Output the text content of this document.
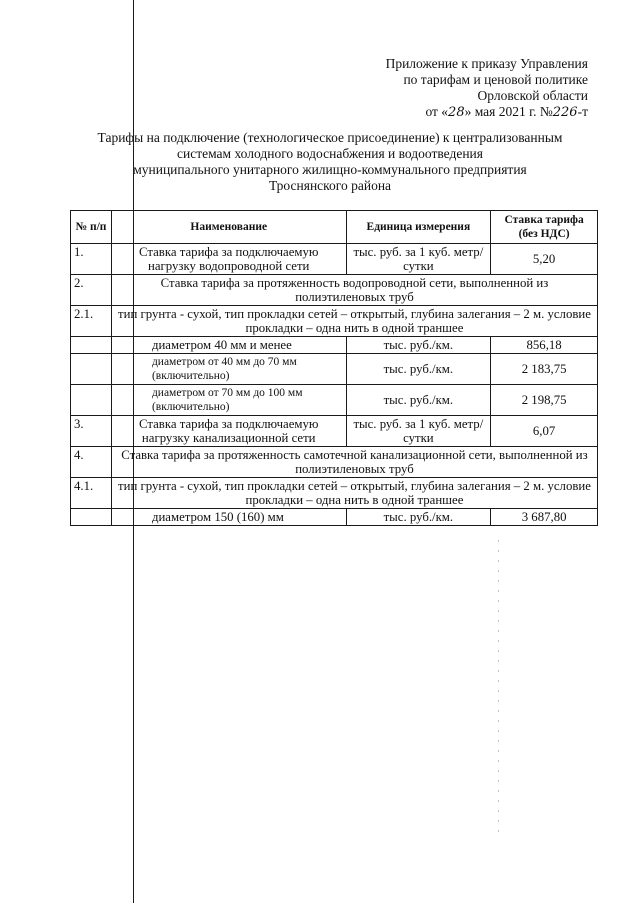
Приложение к приказу Управления
по тарифам и ценовой политике
Орловской области
от «28» мая 2021 г. №226-т
Тарифы на подключение (технологическое присоединение) к централизованным
системам холодного водоснабжения и водоотведения
муниципального унитарного жилищно-коммунального предприятия
Троснянского района
№ п/п	Наименование	Единица измерения	Ставка тарифа (без НДС)
1.	Ставка тарифа за подключаемую нагрузку водопроводной сети	тыс. руб. за 1 куб. метр/сутки	5,20
2.	Ставка тарифа за протяженность водопроводной сети, выполненной из полиэтиленовых труб		
2.1.	тип грунта - сухой, тип прокладки сетей – открытый, глубина залегания – 2 м. условие прокладки – одна нить в одной траншее		
	диаметром 40 мм и менее	тыс. руб./км.	856,18
	диаметром от 40 мм до 70 мм (включительно)	тыс. руб./км.	2 183,75
	диаметром от 70 мм до 100 мм (включительно)	тыс. руб./км.	2 198,75
3.	Ставка тарифа за подключаемую нагрузку канализационной сети	тыс. руб. за 1 куб. метр/сутки	6,07
4.	Ставка тарифа за протяженность самотечной канализационной сети, выполненной из полиэтиленовых труб		
4.1.	тип грунта - сухой, тип прокладки сетей – открытый, глубина залегания – 2 м. условие прокладки – одна нить в одной траншее		
	диаметром 150 (160) мм	тыс. руб./км.	3 687,80
